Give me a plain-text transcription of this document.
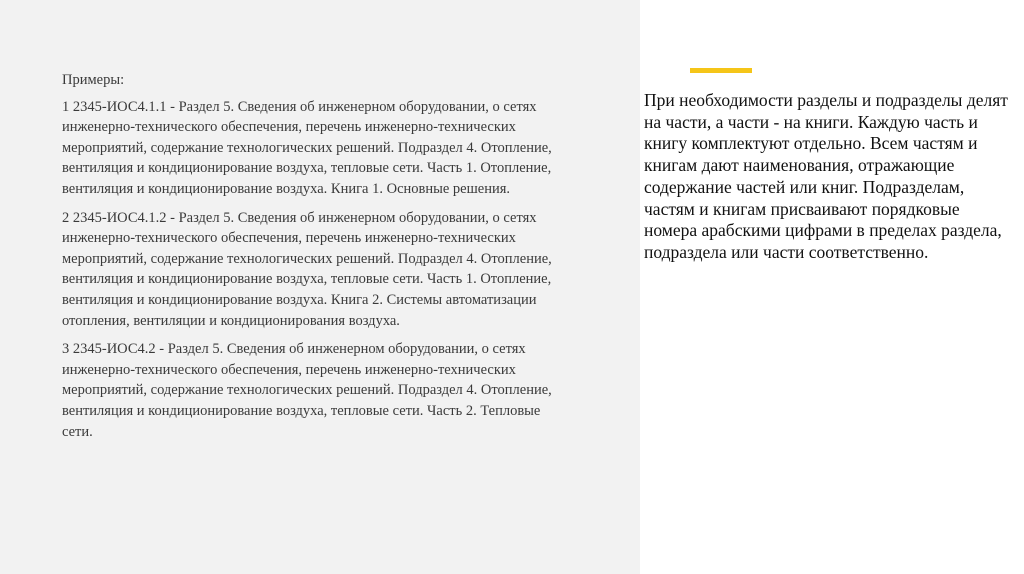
Примеры:

1 2345-ИОС4.1.1 - Раздел 5. Сведения об инженерном оборудовании, о сетях инженерно-технического обеспечения, перечень инженерно-технических мероприятий, содержание технологических решений. Подраздел 4. Отопление, вентиляция и кондиционирование воздуха, тепловые сети. Часть 1. Отопление, вентиляция и кондиционирование воздуха. Книга 1. Основные решения.

2 2345-ИОС4.1.2 - Раздел 5. Сведения об инженерном оборудовании, о сетях инженерно-технического обеспечения, перечень инженерно-технических мероприятий, содержание технологических решений. Подраздел 4. Отопление, вентиляция и кондиционирование воздуха, тепловые сети. Часть 1. Отопление, вентиляция и кондиционирование воздуха. Книга 2. Системы автоматизации отопления, вентиляции и кондиционирования воздуха.

3 2345-ИОС4.2 - Раздел 5. Сведения об инженерном оборудовании, о сетях инженерно-технического обеспечения, перечень инженерно-технических мероприятий, содержание технологических решений. Подраздел 4. Отопление, вентиляция и кондиционирование воздуха, тепловые сети. Часть 2. Тепловые сети.

При необходимости разделы и подразделы делят на части, а части - на книги. Каждую часть и книгу комплектуют отдельно. Всем частям и книгам дают наименования, отражающие содержание частей или книг. Подразделам, частям и книгам присваивают порядковые номера арабскими цифрами в пределах раздела, подраздела или части соответственно.
